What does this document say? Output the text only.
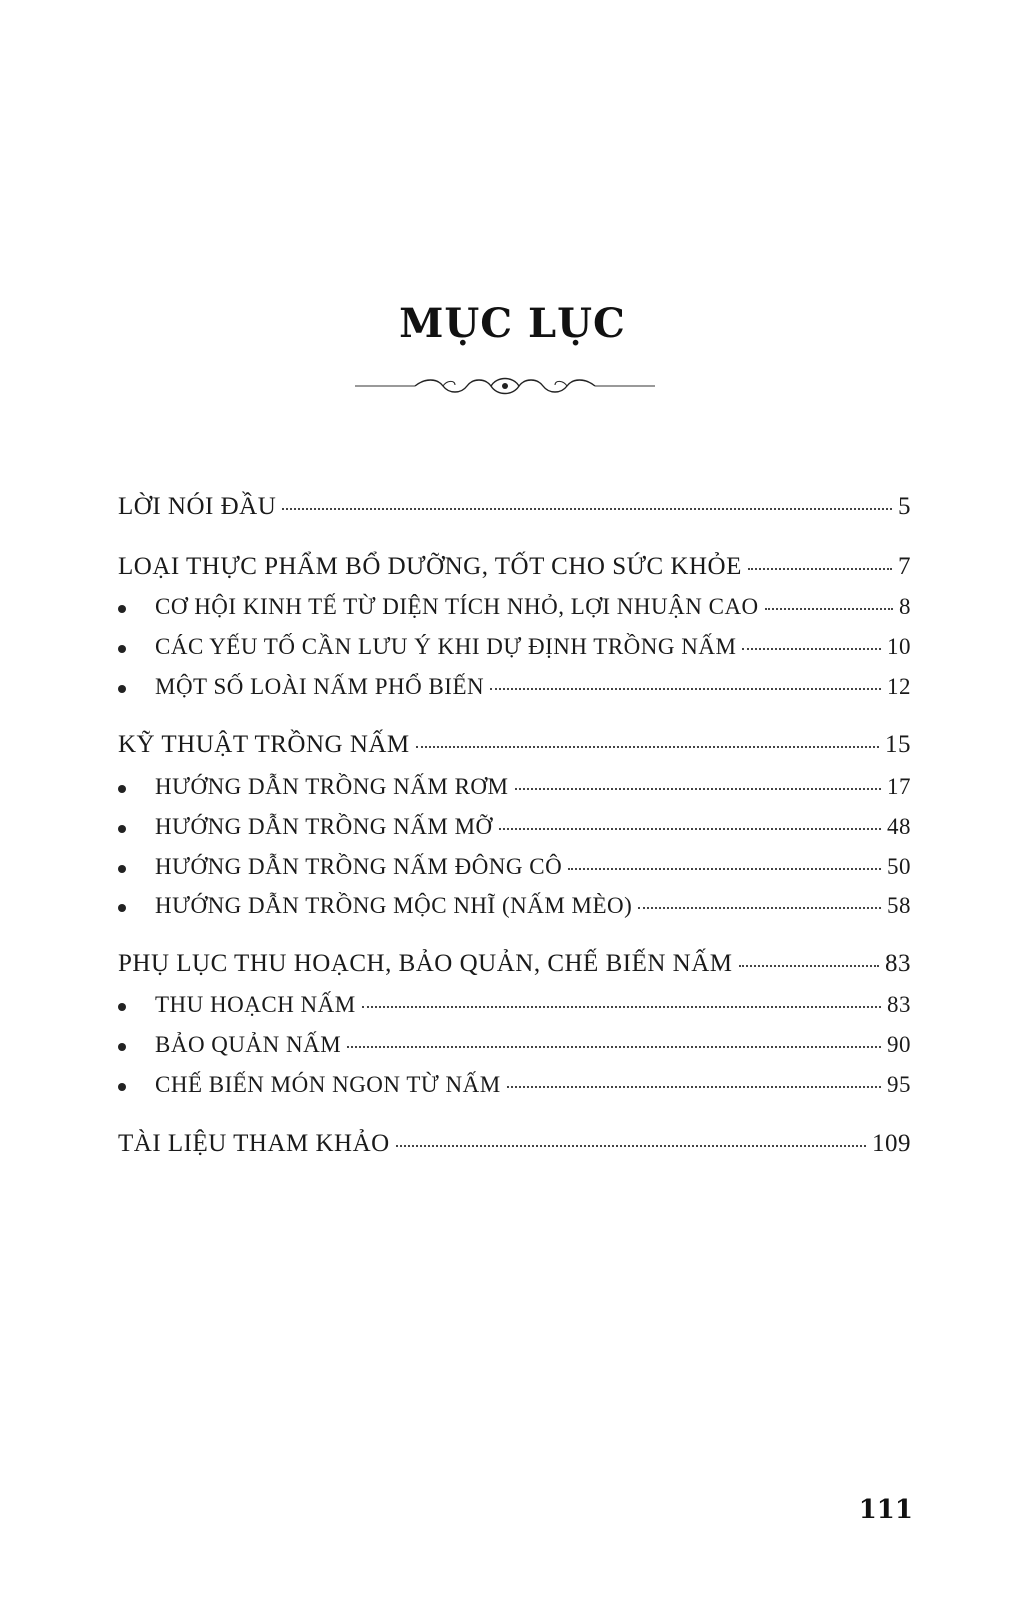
MỤC LỤC
LỜI NÓI ĐẦU	5
LOẠI THỰC PHẨM BỔ DƯỠNG, TỐT CHO SỨC KHỎE	7
CƠ HỘI KINH TẾ TỪ DIỆN TÍCH NHỎ, LỢI NHUẬN CAO	8
CÁC YẾU TỐ CẦN LƯU Ý KHI DỰ ĐỊNH TRỒNG NẤM	10
MỘT SỐ LOÀI NẤM PHỔ BIẾN	12
KỸ THUẬT TRỒNG NẤM	15
HƯỚNG DẪN TRỒNG NẤM RƠM	17
HƯỚNG DẪN TRỒNG NẤM MỠ	48
HƯỚNG DẪN TRỒNG NẤM ĐÔNG CÔ	50
HƯỚNG DẪN TRỒNG MỘC NHĨ (NẤM MÈO)	58
PHỤ LỤC THU HOẠCH, BẢO QUẢN, CHẾ BIẾN NẤM	83
THU HOẠCH NẤM	83
BẢO QUẢN NẤM	90
CHẾ BIẾN MÓN NGON TỪ NẤM	95
TÀI LIỆU THAM KHẢO	109
111
